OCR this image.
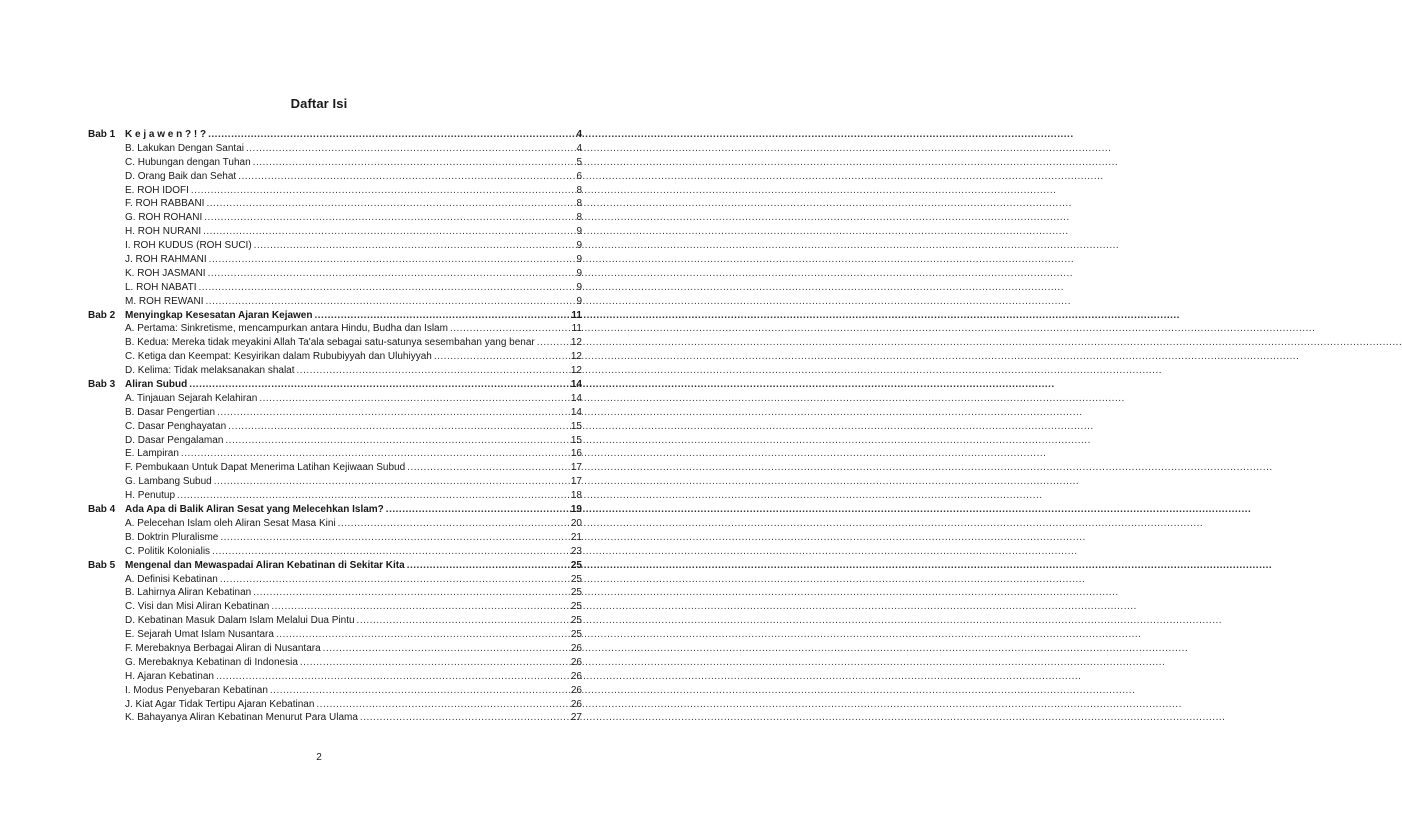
Daftar Isi
Bab 1 K e j a w e n ? ! ? .....	4
B. Lakukan Dengan Santai .....	4
C. Hubungan dengan Tuhan .....	5
D. Orang Baik dan Sehat .....	6
E. ROH IDOFI .....	8
F. ROH RABBANI .....	8
G. ROH ROHANI .....	8
H. ROH NURANI .....	9
I. ROH KUDUS (ROH SUCI) .....	9
J. ROH RAHMANI .....	9
K. ROH JASMANI .....	9
L. ROH NABATI .....	9
M. ROH REWANI .....	9
Bab 2 Menyingkap Kesesatan Ajaran Kejawen .....	11
A. Pertama: Sinkretisme, mencampurkan antara Hindu, Budha dan Islam .....	11
B. Kedua: Mereka tidak meyakini Allah Ta'ala sebagai satu-satunya sesembahan yang benar .....	12
C. Ketiga dan Keempat: Kesyirikan dalam Rububiyyah dan Uluhiyyah .....	12
D. Kelima: Tidak melaksanakan shalat .....	12
Bab 3 Aliran Subud .....	14
A. Tinjauan Sejarah Kelahiran .....	14
B. Dasar Pengertian .....	14
C. Dasar Penghayatan .....	15
D. Dasar Pengalaman .....	15
E. Lampiran .....	16
F. Pembukaan Untuk Dapat Menerima Latihan Kejiwaan Subud .....	17
G. Lambang Subud .....	17
H. Penutup .....	18
Bab 4 Ada Apa di Balik Aliran Sesat yang Melecehkan Islam? .....	19
A. Pelecehan Islam oleh Aliran Sesat Masa Kini .....	20
B. Doktrin Pluralisme .....	21
C. Politik Kolonialis .....	23
Bab 5 Mengenal dan Mewaspadai Aliran Kebatinan di Sekitar Kita .....	25
A. Definisi Kebatinan .....	25
B. Lahirnya Aliran Kebatinan .....	25
C. Visi dan Misi Aliran Kebatinan .....	25
D. Kebatinan Masuk Dalam Islam Melalui Dua Pintu .....	25
E. Sejarah Umat Islam Nusantara .....	25
F. Merebaknya Berbagai Aliran di Nusantara .....	26
G. Merebaknya Kebatinan di Indonesia .....	26
H. Ajaran Kebatinan .....	26
I. Modus Penyebaran Kebatinan .....	26
J. Kiat Agar Tidak Tertipu Ajaran Kebatinan .....	26
K. Bahayanya Aliran Kebatinan Menurut Para Ulama .....	27
2
